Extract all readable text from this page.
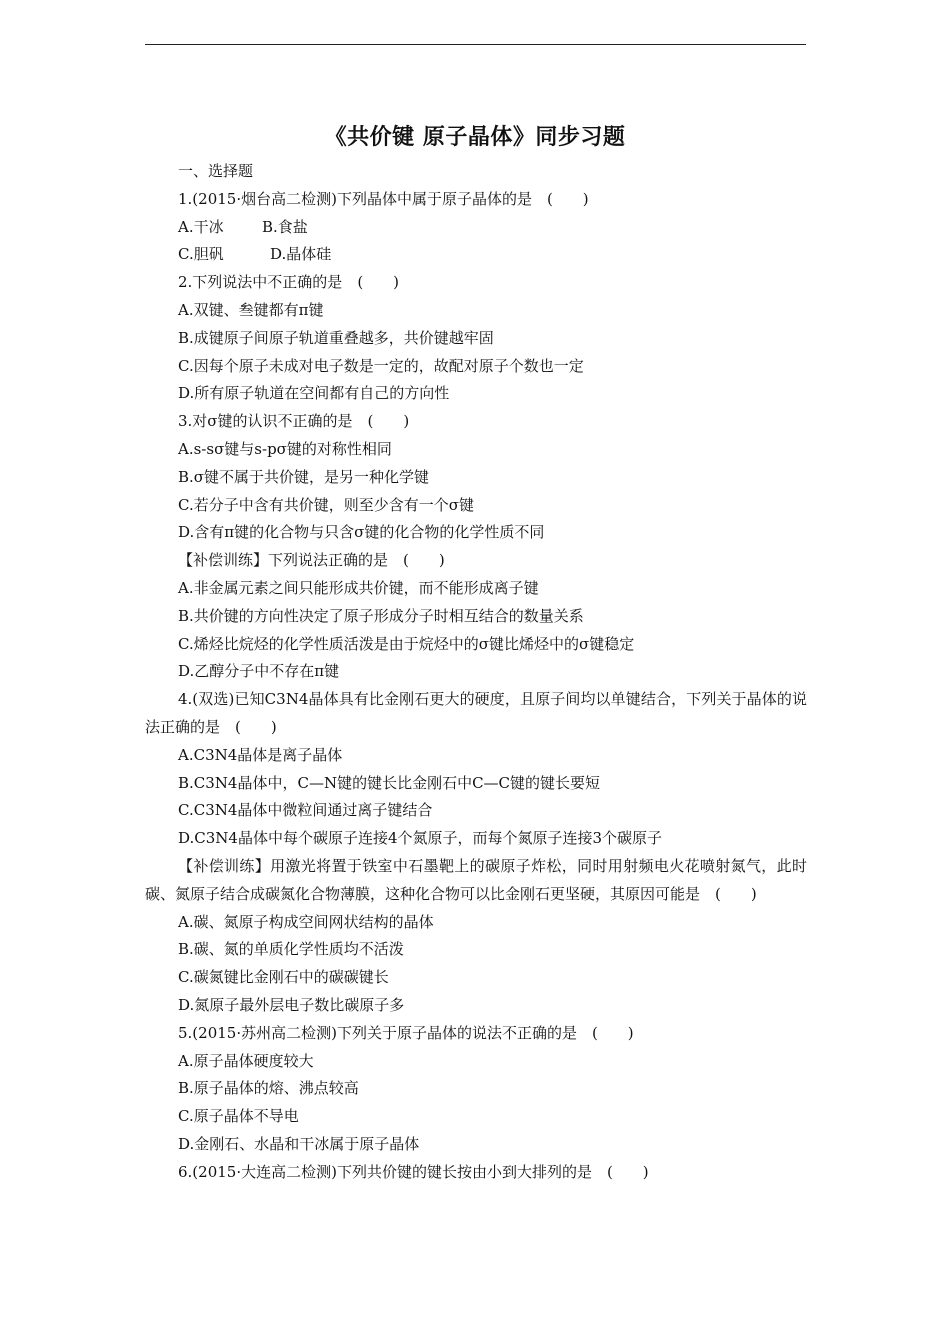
《共价键 原子晶体》同步习题
一、选择题
1.(2015·烟台高二检测)下列晶体中属于原子晶体的是　(　　)
A.干冰	B.食盐
C.胆矾	D.晶体硅
2.下列说法中不正确的是　(　　)
A.双键、叁键都有π键
B.成键原子间原子轨道重叠越多，共价键越牢固
C.因每个原子未成对电子数是一定的，故配对原子个数也一定
D.所有原子轨道在空间都有自己的方向性
3.对σ键的认识不正确的是　(　　)
A.s-sσ键与s-pσ键的对称性相同
B.σ键不属于共价键，是另一种化学键
C.若分子中含有共价键，则至少含有一个σ键
D.含有π键的化合物与只含σ键的化合物的化学性质不同
【补偿训练】下列说法正确的是　(　　)
A.非金属元素之间只能形成共价键，而不能形成离子键
B.共价键的方向性决定了原子形成分子时相互结合的数量关系
C.烯烃比烷烃的化学性质活泼是由于烷烃中的σ键比烯烃中的σ键稳定
D.乙醇分子中不存在π键
4.(双选)已知C3N4晶体具有比金刚石更大的硬度，且原子间均以单键结合，下列关于晶体的说法正确的是　(　　)
A.C3N4晶体是离子晶体
B.C3N4晶体中，C—N键的键长比金刚石中C—C键的键长要短
C.C3N4晶体中微粒间通过离子键结合
D.C3N4晶体中每个碳原子连接4个氮原子，而每个氮原子连接3个碳原子
【补偿训练】用激光将置于铁室中石墨靶上的碳原子炸松，同时用射频电火花喷射氮气，此时碳、氮原子结合成碳氮化合物薄膜，这种化合物可以比金刚石更坚硬，其原因可能是　(　　)
A.碳、氮原子构成空间网状结构的晶体
B.碳、氮的单质化学性质均不活泼
C.碳氮键比金刚石中的碳碳键长
D.氮原子最外层电子数比碳原子多
5.(2015·苏州高二检测)下列关于原子晶体的说法不正确的是　(　　)
A.原子晶体硬度较大
B.原子晶体的熔、沸点较高
C.原子晶体不导电
D.金刚石、水晶和干冰属于原子晶体
6.(2015·大连高二检测)下列共价键的键长按由小到大排列的是　(　　)
